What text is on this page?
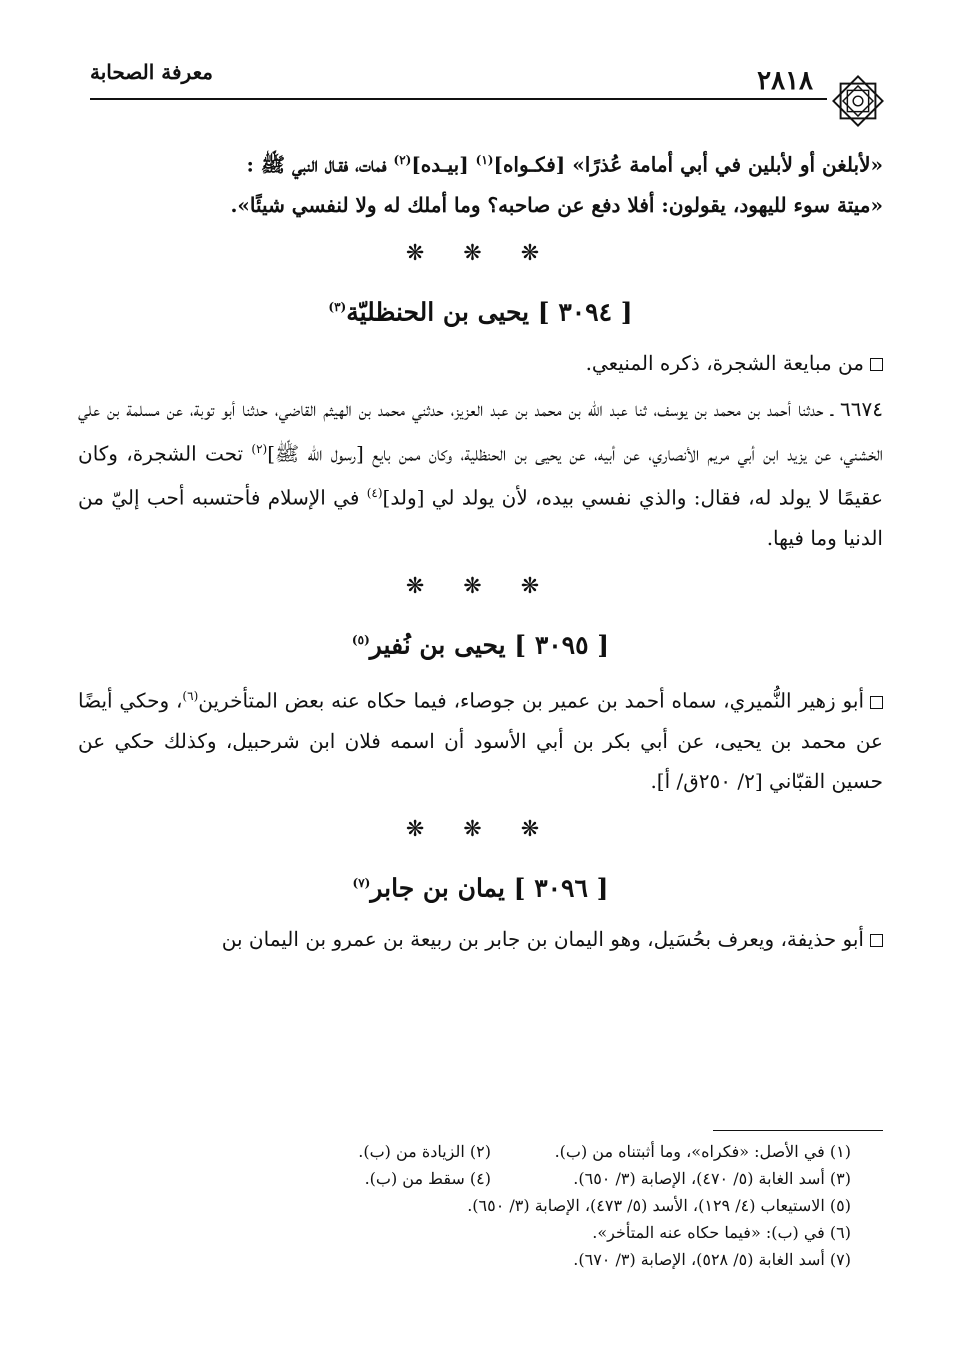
معرفة الصحابة	٢٨١٨

«لأبلغن أو لأبلين في أبي أمامة عُذرًا» [فكـواه]$^{(١)}$ [بيـده]$^{(٢)}$ فمات، فقـال النبي ﷺ :

«ميتة سوء لليهود، يقولون: أفلا دفع عن صاحبه؟ وما أملك له ولا لنفسي شيئًا».

❋ ❋ ❋
[ ٣٠٩٤ ] يحيى بن الحنظليّة$^{(٣)}$

من مبايعة الشجرة، ذكره المنيعي.

٦٦٧٤ ـ حدثنا أحمد بن محمد بن يوسف، ثنا عبد الله بن محمد بن عبد العزيز، حدثني محمد بن الهيثم القاضي، حدثنا أبو توبة، عن مسلمة بن علي الخشني، عن يزيد ابن أبي مريم الأنصاري، عن أبيه، عن يحيى بن الحنظلية، وكان ممن بايع [رسول الله ﷺ]$^{(٢)}$ تحت الشجرة، وكان عقيمًا لا يولد له، فقال: والذي نفسي بيده، لأن يولد لي [ولد]$^{(٤)}$ في الإسلام فأحتسبه أحب إليّ من الدنيا وما فيها.

❋ ❋ ❋
[ ٣٠٩٥ ] يحيى بن نُفير$^{(٥)}$

أبو زهير النُّميري، سماه أحمد بن عمير بن جوصاء، فيما حكاه عنه بعض المتأخرين$^{(٦)}$، وحكي أيضًا عن محمد بن يحيى، عن أبي بكر بن أبي الأسود أن اسمه فلان ابن شرحبيل، وكذلك حكي عن حسين القبّاني [٢/ ٢٥٠ق/ أ].

❋ ❋ ❋
[ ٣٠٩٦ ] يمان بن جابر$^{(٧)}$

أبو حذيفة، ويعرف بحُسَيل، وهو اليمان بن جابر بن ربيعة بن عمرو بن اليمان بن

(١) في الأصل: «فكراه»، وما أثبتناه من (ب).
(٢) الزيادة من (ب).
(٣) أسد الغابة (٥/ ٤٧٠)، الإصابة (٣/ ٦٥٠).
(٤) سقط من (ب).
(٥) الاستيعاب (٤/ ١٢٩)، الأسد (٥/ ٤٧٣)، الإصابة (٣/ ٦٥٠).
(٦) في (ب): «فيما حكاه عنه المتأخر».
(٧) أسد الغابة (٥/ ٥٢٨)، الإصابة (٣/ ٦٧٠).
